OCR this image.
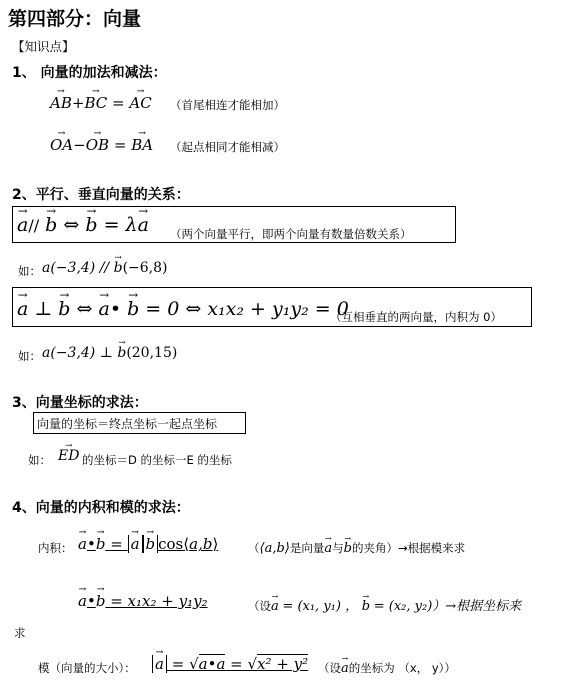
第四部分：向量
【知识点】
1、 向量的加法和减法：
→ AB+→ BC = → AC （首尾相连才能相加）
→ OA−→ OB = → BA （起点相同才能相减）
2、平行、垂直向量的关系：
→ a// → b ⇔ → b = λ→ a （两个向量平行，即两个向量有数量倍数关系）
如： a(−3,4) // → b(−6,8)
→ a ⊥ → b ⇔ → a• → b = 0 ⇔ x₁x₂ + y₁y₂ = 0
（互相垂直的两向量，内积为 0）
如： a(−3,4) ⊥ → b(20,15)
3、向量坐标的求法：
向量的坐标＝终点坐标一起点坐标
如： → ED 的坐标＝D 的坐标一E 的坐标
4、向量的内积和模的求法：
内积： → a•→ b = → a → b cos⟨a,b⟩	（⟨a,b⟩是向量→ a与→ b的夹角）→根据模来求
→ a•→ b = x₁x₂ + y₁y₂	（设→ a = (x₁, y₁) ， → b = (x₂, y₂)）→根据坐标来
求
模（向量的大小）： → a = √a•a = √x² + y² （设→ a的坐标为 （x， y））
